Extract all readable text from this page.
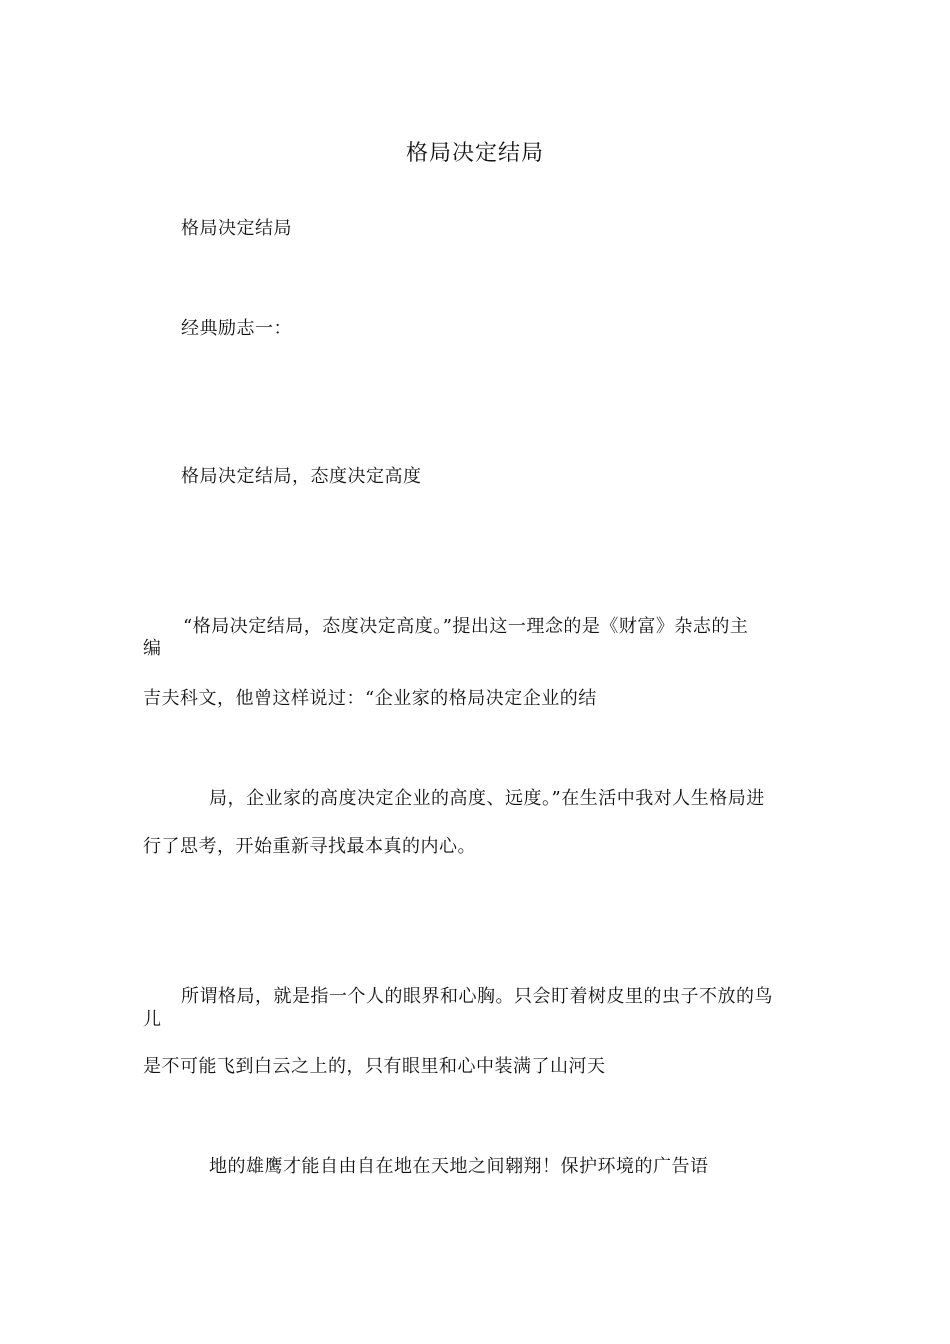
格局决定结局
格局决定结局
经典励志一：
格局决定结局，态度决定高度
“格局决定结局，态度决定高度。”提出这一理念的是《财富》杂志的主
编
吉夫科文，他曾这样说过：“企业家的格局决定企业的结
局，企业家的高度决定企业的高度、远度。”在生活中我对人生格局进
行了思考，开始重新寻找最本真的内心。
所谓格局，就是指一个人的眼界和心胸。只会盯着树皮里的虫子不放的鸟
儿
是不可能飞到白云之上的，只有眼里和心中装满了山河天
地的雄鹰才能自由自在地在天地之间翱翔！保护环境的广告语
